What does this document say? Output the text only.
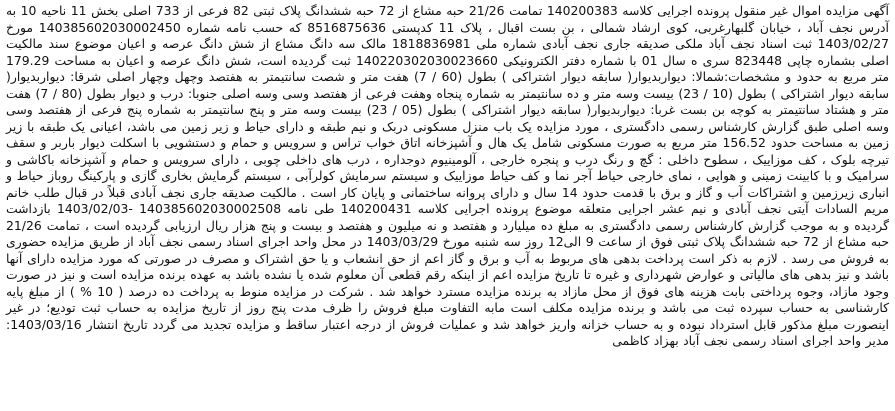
آگهی مزایده اموال غیر منقول پرونده اجرایی کلاسه 140200383 تمامت 21/26 حبه مشاع از 72 حبه ششدانگ پلاک ثبتی 82 فرعی از 733 اصلی بخش 11 ناحیه 10 به آدرس نجف آباد ، خیابان گلبهارغربی، کوی ارشاد شمالی ، بن بست اقبال ، پلاک 11 کدپستی 8516875636 که حسب نامه شماره 140385602030002450 مورخ 1403/02/27 ثبت اسناد نجف آباد ملکی صدیقه جاری نجف آبادی شماره ملی 1818836981 مالک سه دانگ مشاع از شش دانگ عرصه و اعیان موضوع سند مالکیت اصلی بشماره چاپی 823448 سری ه سال 01 با شماره دفتر الکترونیکی 140220302030023660 ثبت گردیده است، شش دانگ عرصه و اعیان به مساحت 179.29 متر مربع به حدود و مشخصات:شمالا: دیواربدیوار( سابقه دیوار اشتراکی ) بطول (60 / 7) هفت متر و شصت سانتیمتر به هفتصد وچهل وچهار اصلی شرقا: دیواربدیوار( سابقه دیوار اشتراکی ) بطول (10 / 23) بیست وسه متر و ده سانتیمتر به شماره پنجاه وهفت فرعی از هفتصد وسی وسه اصلی جنوبا: درب و دیوار بطول (80 / 7) هفت متر و هشتاد سانتیمتر به کوچه بن بست غربا: دیواربدیوار( سابقه دیوار اشتراکی ) بطول (05 / 23) بیست وسه متر و پنج سانتیمتر به شماره پنج فرعی از هفتصد وسی وسه اصلی طبق گزارش کارشناس رسمی دادگستری ، مورد مزایده یک باب منزل مسکونی دربک و نیم طبقه و دارای حیاط و زیر زمین می باشد، اعیانی یک طبقه با زیر زمین به مساحت حدود 156.52 متر مربع به صورت مسکونی شامل یک هال و آشپزخانه اتاق خواب تراس و سرویس و حمام و دستشویی با اسکلت دیوار باربر و سقف تیرچه بلوک ، کف موزاییک ، سطوح داخلی : گچ و رنگ درب و پنجره خارجی ، آلومینیوم دوجداره ، درب های داخلی چوبی ، دارای سرویس و حمام و آشپزخانه باکاشی و سرامیک و با کابینت زمینی و هوایی ، نمای خارجی حیاط آجر نما و کف حیاط موزاییک و سیستم سرمایش کولرآبی ، سیستم گرمایش بخاری گازی و پارکینگ روباز حیاط و انباری زیرزمین و اشتراکات آب و گاز و برق با قدمت حدود 14 سال و دارای پروانه ساختمانی و پایان کار است . مالکیت صدیقه جاری نجف آبادی قبلاً در قبال طلب خانم مریم السادات آیتی نجف آبادی و نیم عشر اجرایی متعلقه موضوع پرونده اجرایی کلاسه 140200431 طی نامه 140385602030002508 -1403/02/03 بازداشت گردیده و به موجب گزارش کارشناس رسمی دادگستری به مبلغ ده میلیارد و هفتصد و نه میلیون و هفتصد و بیست و پنج هزار ریال ارزیابی گردیده است ، تمامت 21/26 حبه مشاع از 72 حبه ششدانگ پلاک ثبتی فوق از ساعت 9 الی12 روز سه شنبه مورخ 1403/03/29 در محل واحد اجرای اسناد رسمی نجف آباد از طریق مزایده حضوری به فروش می رسد . لازم به ذکر است پرداخت بدهی های مربوط به آب و برق و گاز اعم از حق انشعاب و یا حق اشتراک و مصرف در صورتی که مورد مزایده دارای آنها باشد و نیز بدهی های مالیاتی و عوارض شهرداری و غیره تا تاریخ مزایده اعم از اینکه رقم قطعی آن معلوم شده یا نشده باشد به عهده برنده مزایده است و نیز در صورت وجود مازاد، وجوه پرداختی بابت هزینه های فوق از محل مازاد به برنده مزایده مسترد خواهد شد . شرکت در مزایده منوط به پرداخت ده درصد ( 10 % ) از مبلغ پایه کارشناسی به حساب سپرده ثبت می باشد و برنده مزایده مکلف است مابه التفاوت مبلغ فروش را ظرف مدت پنج روز از تاریخ مزایده به حساب ثبت تودیع؛ در غیر اینصورت مبلغ مذکور قابل استرداد نبوده و به حساب خزانه واریز خواهد شد و عملیات فروش از درجه اعتبار ساقط و مزایده تجدید می گردد تاریخ انتشار 1403/03/16: مدیر واحد اجرای اسناد رسمی نجف آباد بهزاد کاظمی
